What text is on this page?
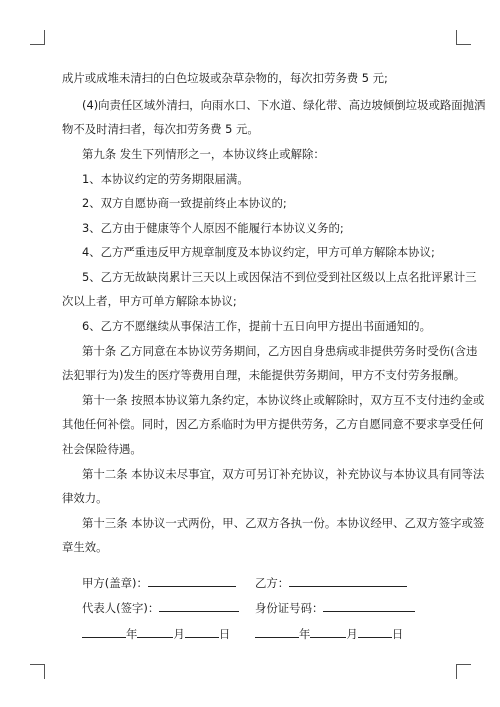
成片或成堆未清扫的白色垃圾或杂草杂物的，每次扣劳务费 5 元;
(4)向责任区域外清扫，向雨水口、下水道、绿化带、高边坡倾倒垃圾或路面抛洒
物不及时清扫者，每次扣劳务费 5 元。
第九条 发生下列情形之一，本协议终止或解除：
1、本协议约定的劳务期限届满。
2、双方自愿协商一致提前终止本协议的;
3、乙方由于健康等个人原因不能履行本协议义务的;
4、乙方严重违反甲方规章制度及本协议约定，甲方可单方解除本协议;
5、乙方无故缺岗累计三天以上或因保洁不到位受到社区级以上点名批评累计三
次以上者，甲方可单方解除本协议;
6、乙方不愿继续从事保洁工作，提前十五日向甲方提出书面通知的。
第十条 乙方同意在本协议劳务期间，乙方因自身患病或非提供劳务时受伤(含违
法犯罪行为)发生的医疗等费用自理，未能提供劳务期间，甲方不支付劳务报酬。
第十一条 按照本协议第九条约定，本协议终止或解除时，双方互不支付违约金或
其他任何补偿。同时，因乙方系临时为甲方提供劳务，乙方自愿同意不要求享受任何
社会保险待遇。
第十二条 本协议未尽事宜，双方可另订补充协议，补充协议与本协议具有同等法
律效力。
第十三条 本协议一式两份，甲、乙双方各执一份。本协议经甲、乙双方签字或签
章生效。
甲方(盖章)：	乙方：
代表人(签字)：	身份证号码：
年	月	日	年	月	日
